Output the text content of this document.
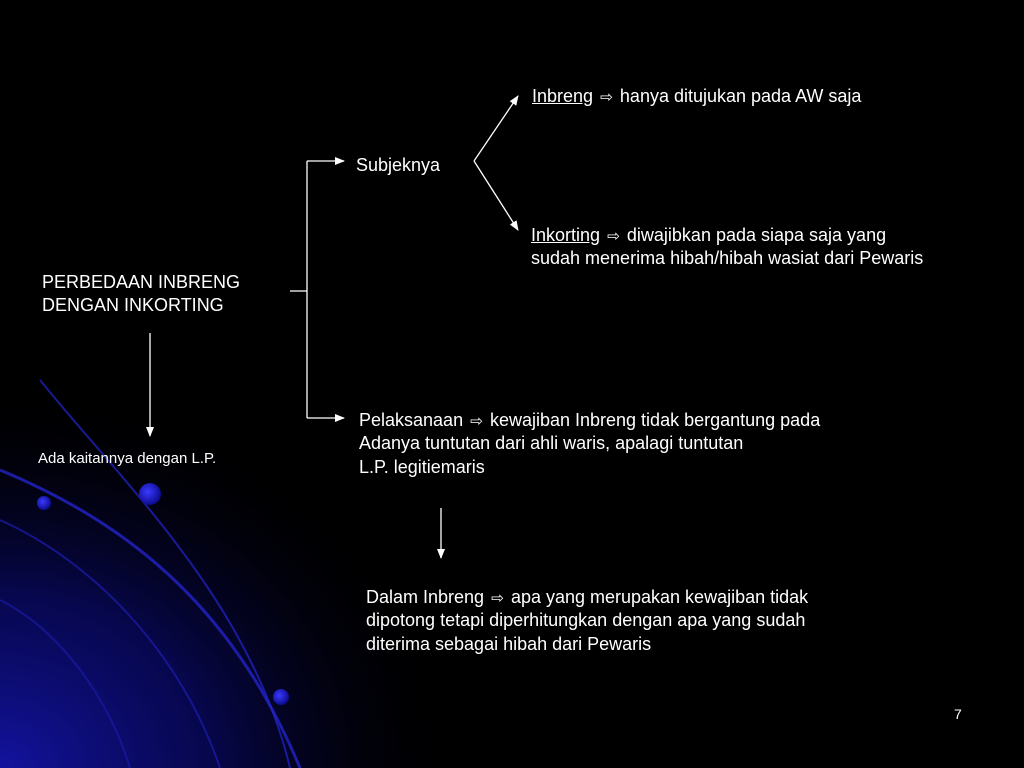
PERBEDAAN INBRENG
DENGAN INKORTING
Ada kaitannya dengan L.P.
Subjeknya
Inbreng ⇨ hanya ditujukan pada AW saja
Inkorting ⇨ diwajibkan pada siapa saja yang
sudah menerima hibah/hibah wasiat dari Pewaris
Pelaksanaan ⇨ kewajiban Inbreng tidak bergantung pada
Adanya tuntutan dari ahli waris, apalagi tuntutan
L.P. legitiemaris
Dalam Inbreng ⇨ apa yang merupakan kewajiban tidak
dipotong tetapi diperhitungkan dengan apa yang sudah
diterima sebagai hibah dari Pewaris
7
